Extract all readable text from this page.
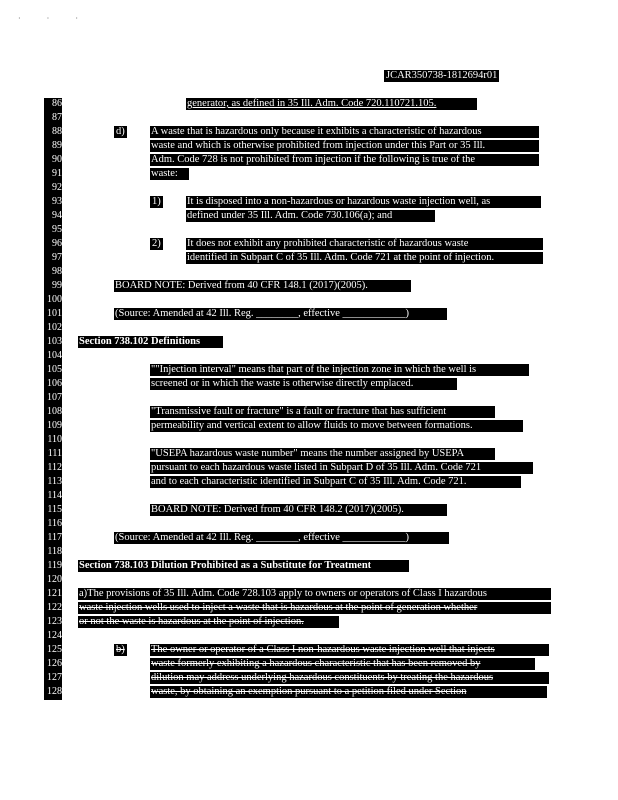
· · ·
JCAR350738-1812694r01
86
87
88
89
90
91
92
93
94
95
96
97
98
99
100
101
102
103
104
105
106
107
108
109
110
111
112
113
114
115
116
117
118
119
120
121
122
123
124
125
126
127
128
generator, as defined in 35 Ill. Adm. Code 720.110721.105.
d)	A waste that is hazardous only because it exhibits a characteristic of hazardous
waste and which is otherwise prohibited from injection under this Part or 35 Ill.
Adm. Code 728 is not prohibited from injection if the following is true of the
waste:
1)	It is disposed into a non-hazardous or hazardous waste injection well, as
defined under 35 Ill. Adm. Code 730.106(a); and
2)	It does not exhibit any prohibited characteristic of hazardous waste
identified in Subpart C of 35 Ill. Adm. Code 721 at the point of injection.
BOARD NOTE: Derived from 40 CFR 148.1 (2017)(2005).
(Source: Amended at 42 Ill. Reg. ________, effective ____________)
Section 738.102 Definitions
""Injection interval" means that part of the injection zone in which the well is
screened or in which the waste is otherwise directly emplaced.
"Transmissive fault or fracture" is a fault or fracture that has sufficient
permeability and vertical extent to allow fluids to move between formations.
"USEPA hazardous waste number" means the number assigned by USEPA
pursuant to each hazardous waste listed in Subpart D of 35 Ill. Adm. Code 721
and to each characteristic identified in Subpart C of 35 Ill. Adm. Code 721.
BOARD NOTE: Derived from 40 CFR 148.2 (2017)(2005).
(Source: Amended at 42 Ill. Reg. ________, effective ____________)
Section 738.103 Dilution Prohibited as a Substitute for Treatment
a)The provisions of 35 Ill. Adm. Code 728.103 apply to owners or operators of Class I hazardous
waste injection wells used to inject a waste that is hazardous at the point of generation whether
or not the waste is hazardous at the point of injection.
b)	The owner or operator of a Class I non-hazardous waste injection well that injects
waste formerly exhibiting a hazardous characteristic that has been removed by
dilution may address underlying hazardous constituents by treating the hazardous
waste, by obtaining an exemption pursuant to a petition filed under Section
